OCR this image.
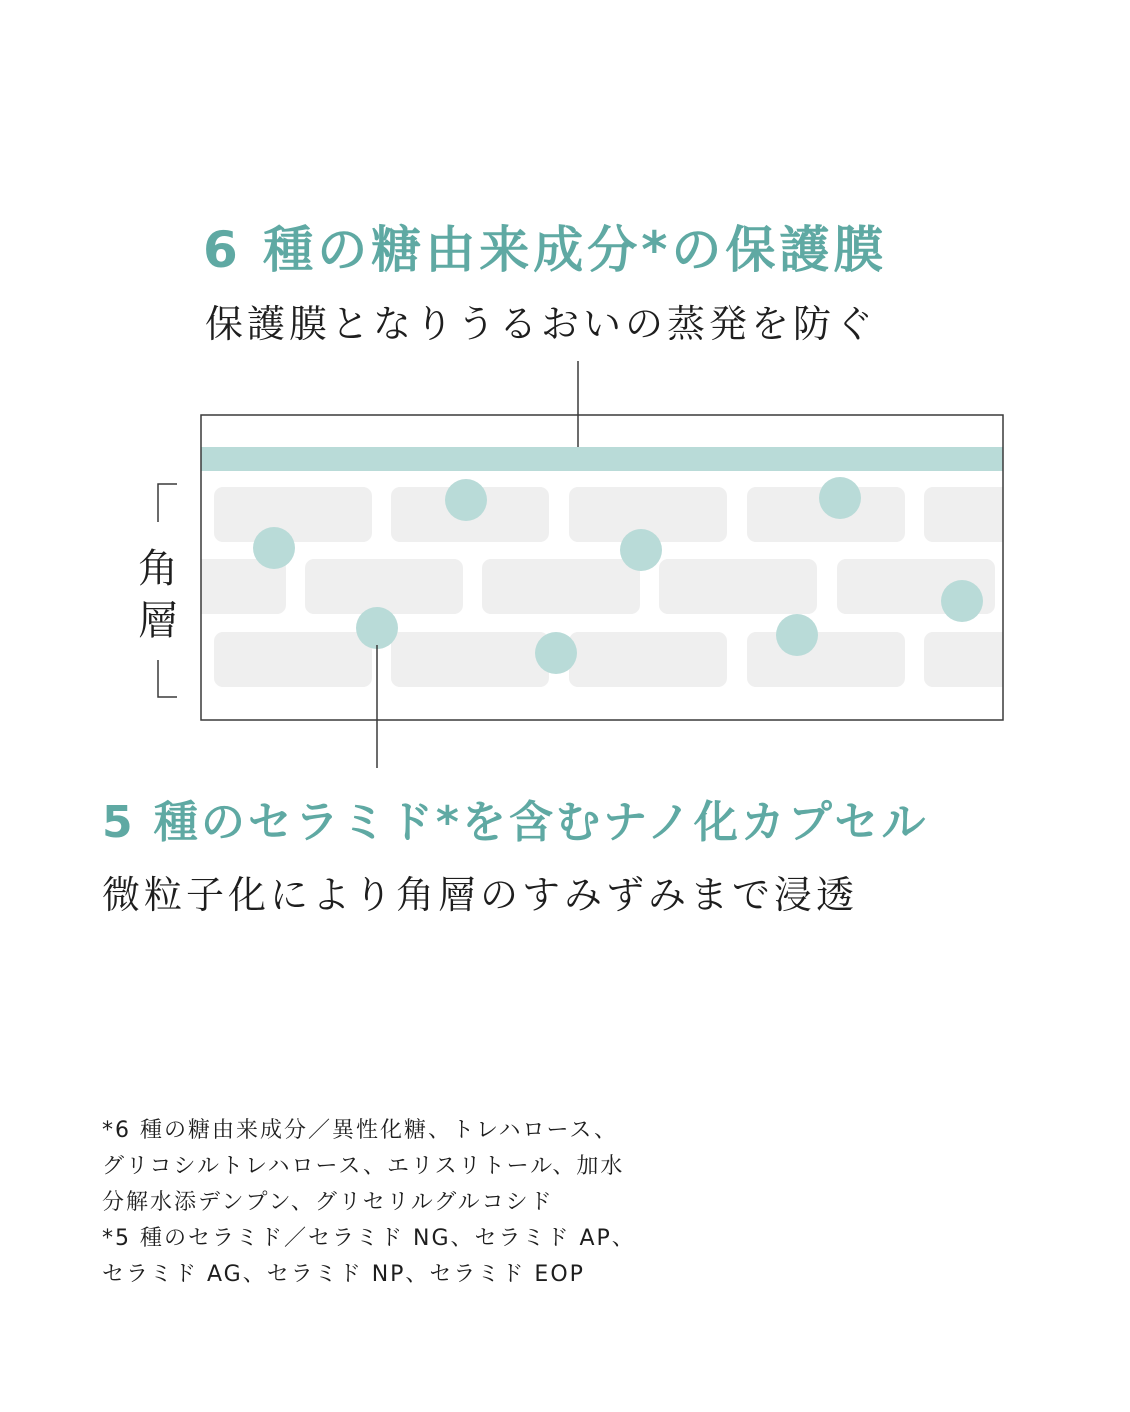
6 種の糖由来成分*の保護膜

保護膜となりうるおいの蒸発を防ぐ

角
層
5 種のセラミド*を含むナノ化カプセル

微粒子化により角層のすみずみまで浸透

*6 種の糖由来成分／異性化糖、トレハロース、
グリコシルトレハロース、エリスリトール、加水
分解水添デンプン、グリセリルグルコシド
*5 種のセラミド／セラミド NG、セラミド AP、
セラミド AG、セラミド NP、セラミド EOP
